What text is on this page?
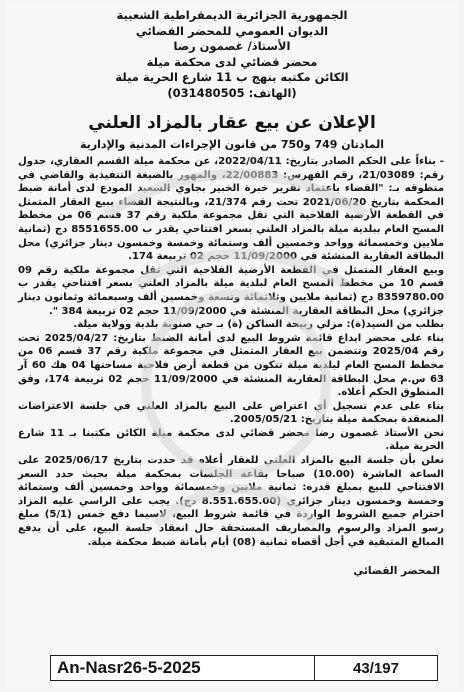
الجمهورية الجزائرية الديمقراطية الشعبية
الديوان العمومي للمحضر القضائي
الأستاذ/ غصمون رضا
محضر قضائي لدى محكمة ميلة
الكائن مكتبه بنهج ب 11 شارع الحرية ميلة
(الهاتف: 031480505)
الإعلان عن بيع عقار بالمزاد العلني
المادتان 749 و750 من قانون الإجراءات المدنية والإدارية

- بناءاً على الحكم الصادر بتاريخ: 2022/04/11، عن محكمة ميلة القسم العقاري، جدول رقم: 21/03089، رقم الفهرس: 22/00883، والمهور بالصيغة التنفيذية والقاضي في منطوقه بـ: "القضاء باعتماد تقرير خبرة الخبير بجاوي السعيد المودع لدى أمانة ضبط المحكمة بتاريخ 2021/06/20 تحت رقم 21/374، وبالنتيجة القضاء ببيع العقار المتمثل في القطعة الأرضية الفلاحية التي تقل مجموعة ملكية رقم 37 قسم 06 من مخطط المسح العام ببلدية ميلة بالمزاد العلني بسعر افتتاحي يقدر ب 8551655.00 دج (ثمانية ملايين وخمسمائة وواحد وخمسين ألف وستمائة وخمسة وخمسون دينار جزائري) محل البطاقة العقارية المنشئة في 11/09/2000 حجم 02 تربيعة 174.

وبيع العقار المتمثل في القطعة الأرضية الفلاحية التي تقل مجموعة ملكية رقم 09 قسم 10 من مخطط المسح العام لبلدية ميلة بالمزاد العلني بسعر افتتاحي يقدر ب 8359780.00 دج (ثمانية ملايين وثلاثمائة وتسعة وخمسين ألف وسبعمائة وثمانون دينار جزائري) محل البطاقة العقارية المنشئة في 11/09/2000 حجم 02 تربيعة 384 ".

بطلب من السيد(ة): مزلي ربيحة الساكن (ة) بـ حي صنوبة بلدية وولاية ميلة.

بناء على محضر ايداع قائمة شروط البيع لدى أمانة الضبط بتاريخ: 2025/04/27 تحت رقم 2025/04 وتتضمن بيع العقار المتمثل في مجموعة ملكية رقم 37 قسم 06 من مخطط المسح العام لبلدية ميلة تتكون من قطعة أرض فلاحية مساحتها 04 هك 60 آر 63 س.م محل البطاقة العقارية المنشئة في 11/09/2000 حجم 02 تربيعة 174، وفق المنطوق الحكم أعلاه.

بناء على عدم تسجيل أي اعتراض على البيع بالمزاد العلني في جلسة الاعتراضات المنعقدة بمحكمة ميلة بتاريخ: 2005/05/21.

نحن الأستاذ غصمون رضا محضر قضائي لدى محكمة ميلة الكائن مكتبنا بـ 11 شارع الحرية ميلة.

نعلن بأن جلسة البيع بالمزاد العلني للعقار أعلاه قد حددت بتاريخ 2025/06/17 على الساعة العاشرة (10.00) صباحا بقاعة الجلسات بمحكمة ميلة بحيث حدد السعر الافتتاحي للبيع بمبلغ قدره: ثمانية ملايين وخمسمائة وواحد وخمسين ألف وستمائة وخمسة وخمسون دينار جزائري (8.551.655.00 دج). يجب على الراسي عليه المزاد احترام جميع الشروط الواردة في قائمة شروط البيع، لاسيما دفع خمس (5/1) مبلغ رسو المزاد والرسوم والمصاريف المستحقة حال انعقاد جلسة البيع، على أن يدفع المبالغ المتبقية في أجل أقصاه ثمانية (08) أيام بأمانة ضبط محكمة ميلة.

المحضر القضائي
An-Nasr26-5-2025	43/197
